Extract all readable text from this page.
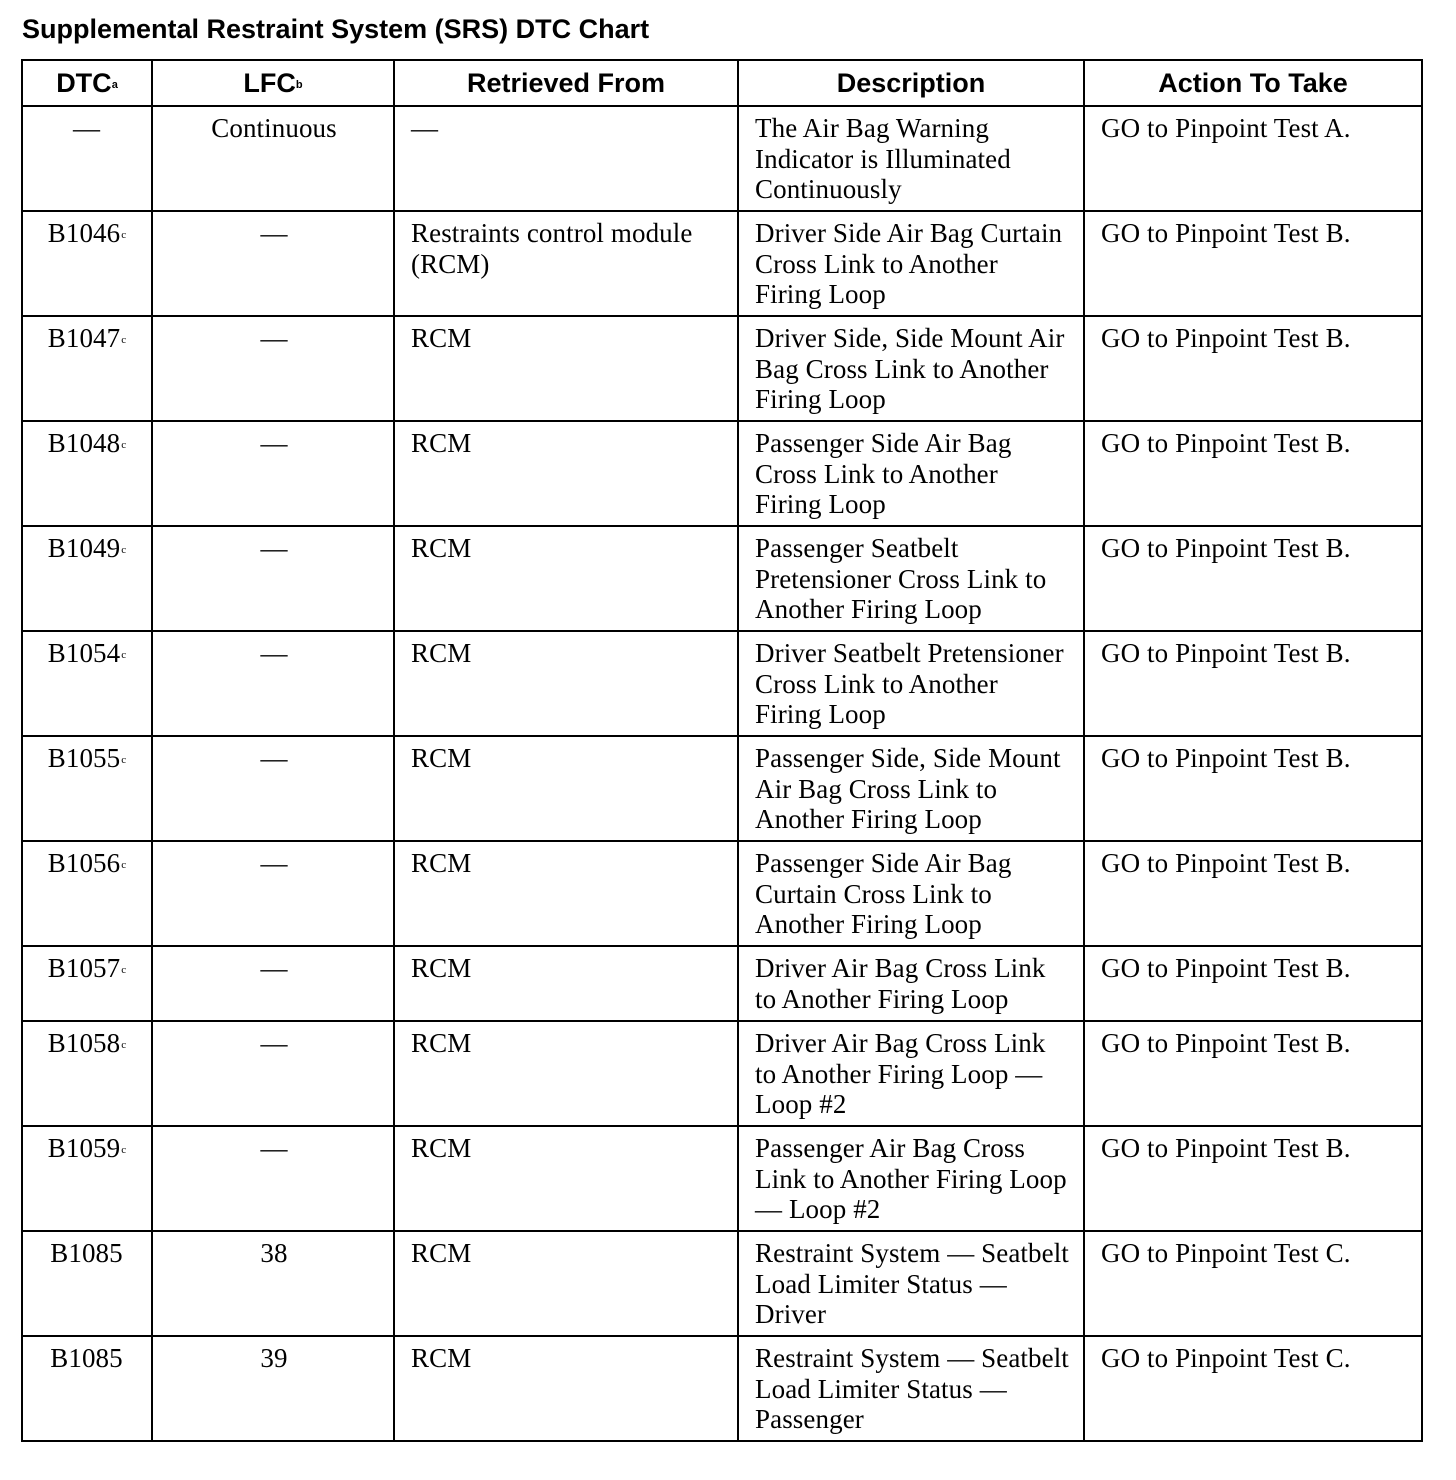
Supplemental Restraint System (SRS) DTC Chart
DTC$^a$	LFC$^b$	Retrieved From	Description	Action To Take
—	Continuous	—	The Air Bag Warning Indicator is Illuminated Continuously	GO to Pinpoint Test A.
B1046$^c$	—	Restraints control module (RCM)	Driver Side Air Bag Curtain Cross Link to Another Firing Loop	GO to Pinpoint Test B.
B1047$^c$	—	RCM	Driver Side, Side Mount Air Bag Cross Link to Another Firing Loop	GO to Pinpoint Test B.
B1048$^c$	—	RCM	Passenger Side Air Bag Cross Link to Another Firing Loop	GO to Pinpoint Test B.
B1049$^c$	—	RCM	Passenger Seatbelt Pretensioner Cross Link to Another Firing Loop	GO to Pinpoint Test B.
B1054$^c$	—	RCM	Driver Seatbelt Pretensioner Cross Link to Another Firing Loop	GO to Pinpoint Test B.
B1055$^c$	—	RCM	Passenger Side, Side Mount Air Bag Cross Link to Another Firing Loop	GO to Pinpoint Test B.
B1056$^c$	—	RCM	Passenger Side Air Bag Curtain Cross Link to Another Firing Loop	GO to Pinpoint Test B.
B1057$^c$	—	RCM	Driver Air Bag Cross Link to Another Firing Loop	GO to Pinpoint Test B.
B1058$^c$	—	RCM	Driver Air Bag Cross Link to Another Firing Loop — Loop #2	GO to Pinpoint Test B.
B1059$^c$	—	RCM	Passenger Air Bag Cross Link to Another Firing Loop — Loop #2	GO to Pinpoint Test B.
B1085	38	RCM	Restraint System — Seatbelt Load Limiter Status — Driver	GO to Pinpoint Test C.
B1085	39	RCM	Restraint System — Seatbelt Load Limiter Status — Passenger	GO to Pinpoint Test C.
